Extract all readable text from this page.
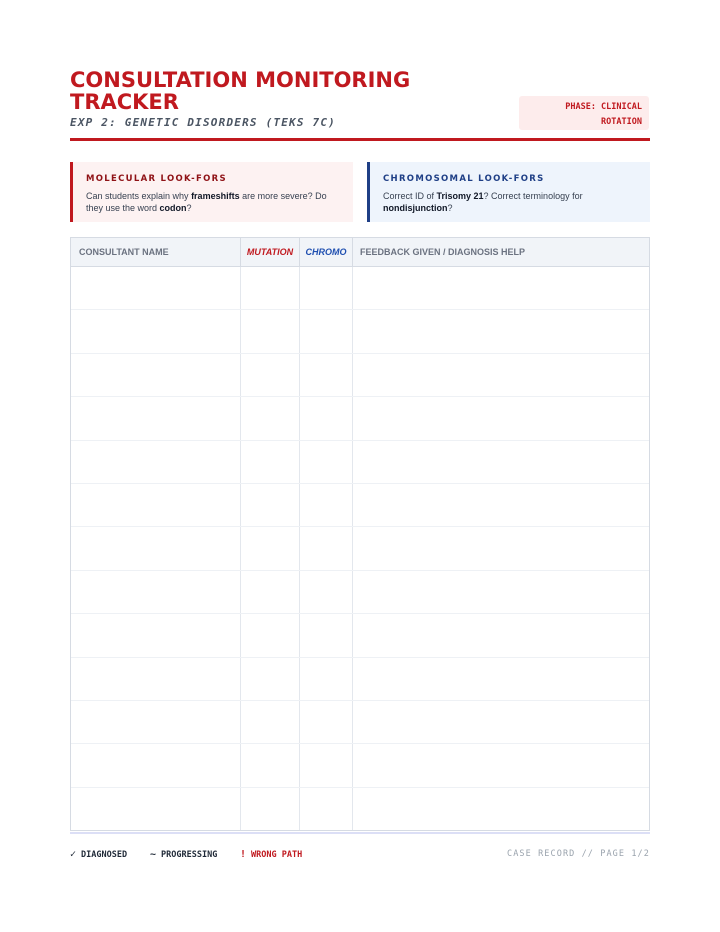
CONSULTATION MONITORING
TRACKER
EXP 2: GENETIC DISORDERS (TEKS 7C)
PHASE: CLINICAL
ROTATION
MOLECULAR LOOK-FORS
Can students explain why frameshifts are more severe? Do they use the word codon?
CHROMOSOMAL LOOK-FORS
Correct ID of Trisomy 21? Correct terminology for nondisjunction?
CONSULTANT NAME	MUTATION	CHROMO	FEEDBACK GIVEN / DIAGNOSIS HELP
✓ DIAGNOSED ~ PROGRESSING ! WRONG PATH	CASE RECORD // PAGE 1/2
